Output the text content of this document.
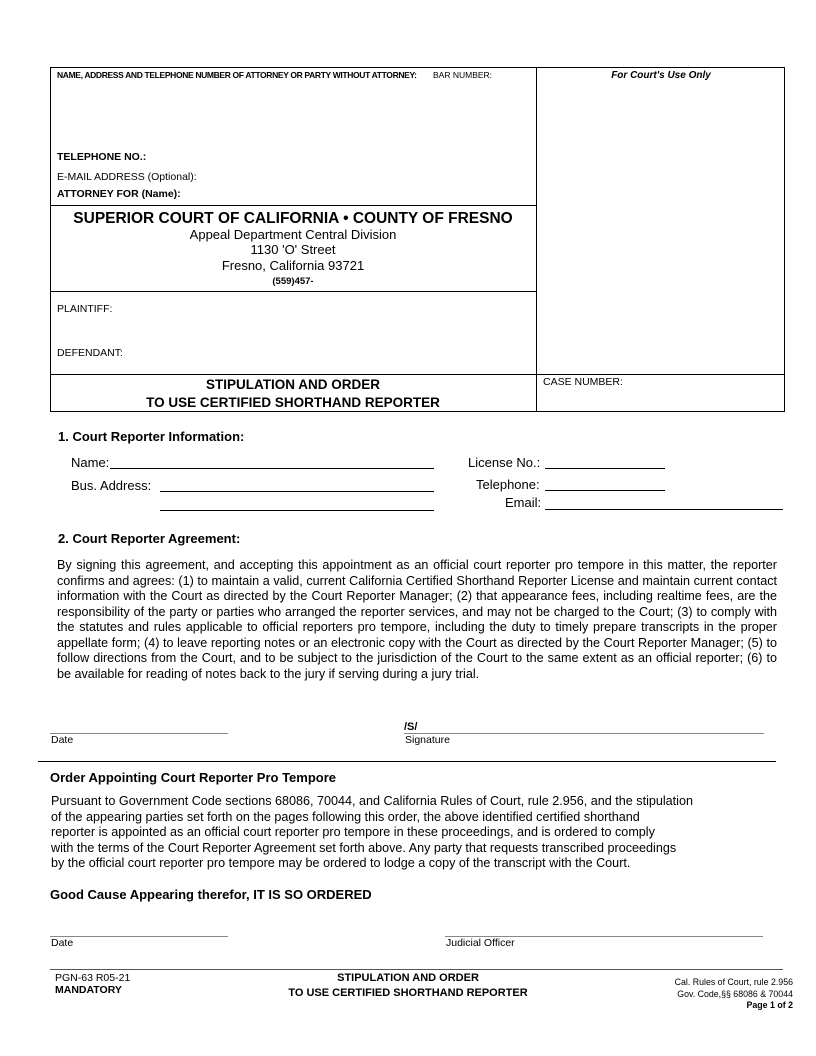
NAME, ADDRESS AND TELEPHONE NUMBER OF ATTORNEY OR PARTY WITHOUT ATTORNEY: BAR NUMBER:	For Court's Use Only
TELEPHONE NO.:
E-MAIL ADDRESS (Optional):
ATTORNEY FOR (Name):
SUPERIOR COURT OF CALIFORNIA • COUNTY OF FRESNO
Appeal Department Central Division
1130 'O' Street
Fresno, California 93721
(559)457-
PLAINTIFF:
DEFENDANT:
STIPULATION AND ORDER
TO USE CERTIFIED SHORTHAND REPORTER
CASE NUMBER:
1. Court Reporter Information:
Name:	License No.:
Bus. Address:	Telephone:
Email:
2. Court Reporter Agreement:
By signing this agreement, and accepting this appointment as an official court reporter pro tempore in this matter, the reporter confirms and agrees: (1) to maintain a valid, current California Certified Shorthand Reporter License and maintain current contact information with the Court as directed by the Court Reporter Manager; (2) that appearance fees, including realtime fees, are the responsibility of the party or parties who arranged the reporter services, and may not be charged to the Court; (3) to comply with the statutes and rules applicable to official reporters pro tempore, including the duty to timely prepare transcripts in the proper appellate form; (4) to leave reporting notes or an electronic copy with the Court as directed by the Court Reporter Manager; (5) to follow directions from the Court, and to be subject to the jurisdiction of the Court to the same extent as an official reporter; (6) to be available for reading of notes back to the jury if serving during a jury trial.
Date
/S/
Signature
Order Appointing Court Reporter Pro Tempore
Pursuant to Government Code sections 68086, 70044, and California Rules of Court, rule 2.956, and the stipulation
of the appearing parties set forth on the pages following this order, the above identified certified shorthand
reporter is appointed as an official court reporter pro tempore in these proceedings, and is ordered to comply
with the terms of the Court Reporter Agreement set forth above. Any party that requests transcribed proceedings
by the official court reporter pro tempore may be ordered to lodge a copy of the transcript with the Court.
Good Cause Appearing therefor, IT IS SO ORDERED
Date	Judicial Officer
PGN-63 R05-21
MANDATORY
STIPULATION AND ORDER
TO USE CERTIFIED SHORTHAND REPORTER
Cal. Rules of Court, rule 2.956
Gov. Code,§§ 68086 & 70044
Page 1 of 2
